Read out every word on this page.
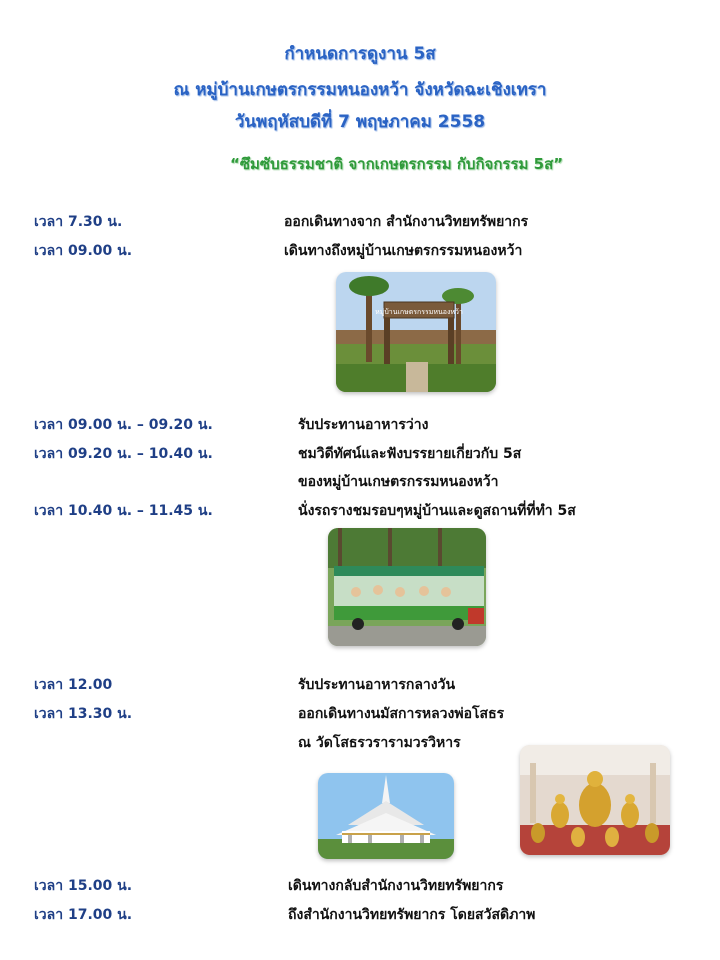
กำหนดการดูงาน 5ส
ณ หมู่บ้านเกษตรกรรมหนองหว้า จังหวัดฉะเชิงเทรา
วันพฤหัสบดีที่ 7 พฤษภาคม 2558
“ซึมซับธรรมชาติ จากเกษตรกรรม กับกิจกรรม 5ส”
เวลา 7.30 น.	ออกเดินทางจาก สำนักงานวิทยทรัพยากร
เวลา 09.00 น.	เดินทางถึงหมู่บ้านเกษตรกรรมหนองหว้า
หมู่บ้านเกษตรกรรมหนองหว้า
เวลา 09.00 น. – 09.20 น.	รับประทานอาหารว่าง
เวลา 09.20 น. – 10.40 น.	ชมวิดีทัศน์และฟังบรรยายเกี่ยวกับ 5ส
ของหมู่บ้านเกษตรกรรมหนองหว้า
เวลา 10.40 น. – 11.45 น.	นั่งรถรางชมรอบๆหมู่บ้านและดูสถานที่ที่ทำ 5ส
เวลา 12.00	รับประทานอาหารกลางวัน
เวลา 13.30 น.	ออกเดินทางนมัสการหลวงพ่อโสธร
ณ วัดโสธรวรารามวรวิหาร
เวลา 15.00 น.	เดินทางกลับสำนักงานวิทยทรัพยากร
เวลา 17.00 น.	ถึงสำนักงานวิทยทรัพยากร โดยสวัสดิภาพ
